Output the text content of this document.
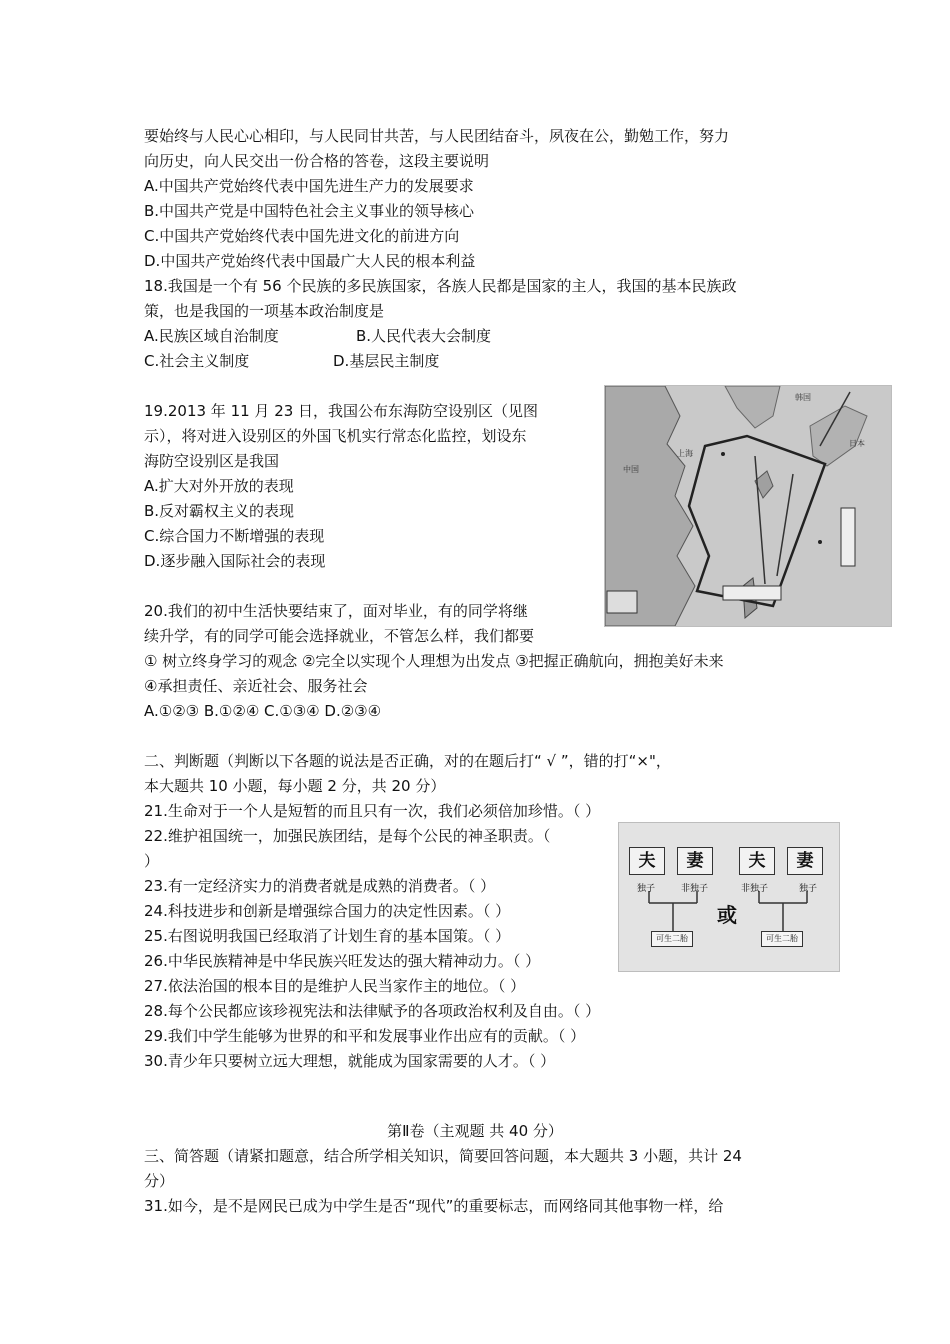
要始终与人民心心相印，与人民同甘共苦，与人民团结奋斗，夙夜在公，勤勉工作，努力
向历史，向人民交出一份合格的答卷，这段主要说明
A.中国共产党始终代表中国先进生产力的发展要求
B.中国共产党是中国特色社会主义事业的领导核心
C.中国共产党始终代表中国先进文化的前进方向
D.中国共产党始终代表中国最广大人民的根本利益
18.我国是一个有 56 个民族的多民族国家，各族人民都是国家的主人，我国的基本民族政
策，也是我国的一项基本政治制度是
A.民族区域自治制度	B.人民代表大会制度
C.社会主义制度	D.基层民主制度
19.2013 年 11 月 23 日，我国公布东海防空设别区（见图
示），将对进入设别区的外国飞机实行常态化监控，划设东
海防空设别区是我国
A.扩大对外开放的表现
B.反对霸权主义的表现
C.综合国力不断增强的表现
D.逐步融入国际社会的表现
中国
上海
韩国
日本
20.我们的初中生活快要结束了，面对毕业，有的同学将继
续升学，有的同学可能会选择就业，不管怎么样，我们都要
① 树立终身学习的观念 ②完全以实现个人理想为出发点 ③把握正确航向，拥抱美好未来
④承担责任、亲近社会、服务社会
A.①②③ B.①②④ C.①③④ D.②③④
二、判断题（判断以下各题的说法是否正确，对的在题后打“ √ ”，错的打“×"，
本大题共 10 小题，每小题 2 分，共 20 分）
21.生命对于一个人是短暂的而且只有一次，我们必须倍加珍惜。（ ）
22.维护祖国统一，加强民族团结，是每个公民的神圣职责。（
）
23.有一定经济实力的消费者就是成熟的消费者。（ ）
24.科技进步和创新是增强综合国力的决定性因素。（ ）
25.右图说明我国已经取消了计划生育的基本国策。（ ）
26.中华民族精神是中华民族兴旺发达的强大精神动力。（ ）
27.依法治国的根本目的是维护人民当家作主的地位。（ ）
28.每个公民都应该珍视宪法和法律赋予的各项政治权利及自由。（ ）
29.我们中学生能够为世界的和平和发展事业作出应有的贡献。（ ）
30.青少年只要树立远大理想，就能成为国家需要的人才。（ ）
夫	妻	夫	妻
独子	非独子	非独子	独子
或
可生二胎	可生二胎
第Ⅱ卷（主观题 共 40 分）
三、简答题（请紧扣题意，结合所学相关知识，简要回答问题，本大题共 3 小题，共计 24
分）
31.如今，是不是网民已成为中学生是否“现代”的重要标志，而网络同其他事物一样，给
